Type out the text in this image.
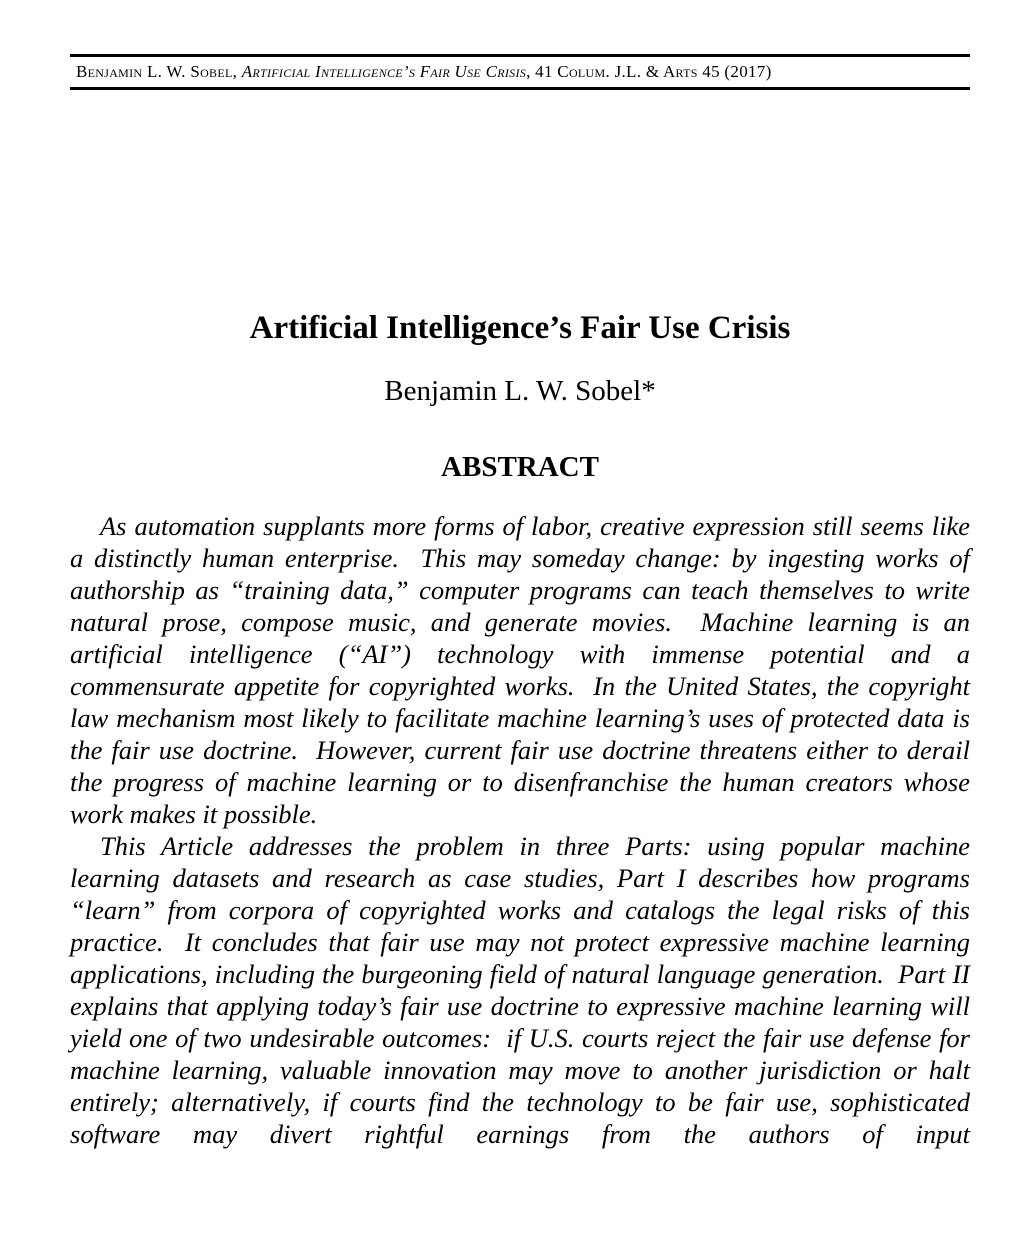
Benjamin L. W. Sobel, Artificial Intelligence’s Fair Use Crisis, 41 Colum. J.L. & Arts 45 (2017)
Artificial Intelligence’s Fair Use Crisis
Benjamin L. W. Sobel*
ABSTRACT

As automation supplants more forms of labor, creative expression still seems like a distinctly human enterprise.  This may someday change: by ingesting works of authorship as “training data,” computer programs can teach themselves to write natural prose, compose music, and generate movies.  Machine learning is an artificial intelligence (“AI”) technology with immense potential and a commensurate appetite for copyrighted works.  In the United States, the copyright law mechanism most likely to facilitate machine learning’s uses of protected data is the fair use doctrine.  However, current fair use doctrine threatens either to derail the progress of machine learning or to disenfranchise the human creators whose work makes it possible.

This Article addresses the problem in three Parts: using popular machine learning datasets and research as case studies, Part I describes how programs “learn” from corpora of copyrighted works and catalogs the legal risks of this practice.  It concludes that fair use may not protect expressive machine learning applications, including the burgeoning field of natural language generation.  Part II explains that applying today’s fair use doctrine to expressive machine learning will yield one of two undesirable outcomes:  if U.S. courts reject the fair use defense for machine learning, valuable innovation may move to another jurisdiction or halt entirely; alternatively, if courts find the technology to be fair use, sophisticated software may divert rightful earnings from the authors of input
